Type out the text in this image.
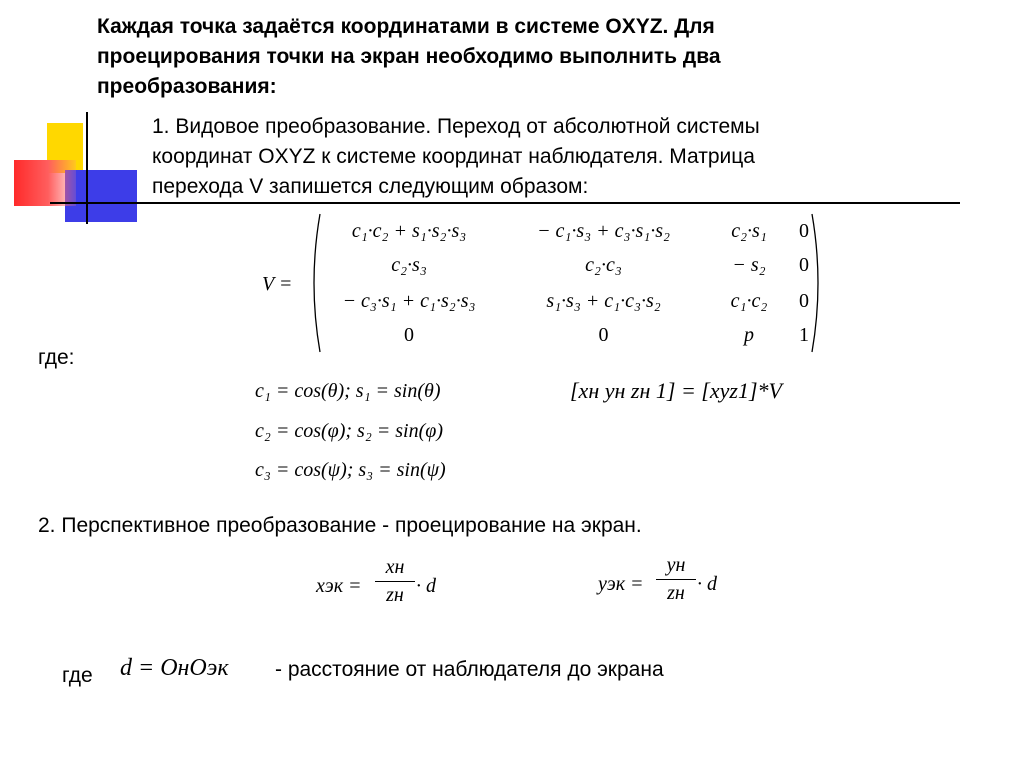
Каждая точка задаётся координатами в системе OXYZ. Для
проецирования точки на экран необходимо выполнить два
преобразования:
1. Видовое преобразование. Переход от абсолютной системы
координат OXYZ к системе координат наблюдателя. Матрица
перехода V запишется следующим образом:
V =
c₁·c₂ + s₁·s₂·s₃	− c₁·s₃ + c₃·s₁·s₂	c₂·s₁	0
c₂·s₃	c₂·c₃	− s₂	0
− c₃·s₁ + c₁·s₂·s₃	s₁·s₃ + c₁·c₃·s₂	c₁·c₂	0
0	0	p	1
где:
c₁ = cos(θ); s₁ = sin(θ)
c₂ = cos(φ); s₂ = sin(φ)
c₃ = cos(ψ); s₃ = sin(ψ)
[xн yн zн 1] = [xyz1]*V
2. Перспективное преобразование - проецирование на экран.
xэк =
xн
zн · d	yэк =
yн
zн · d
где d = OнOэк - расстояние от наблюдателя до экрана
